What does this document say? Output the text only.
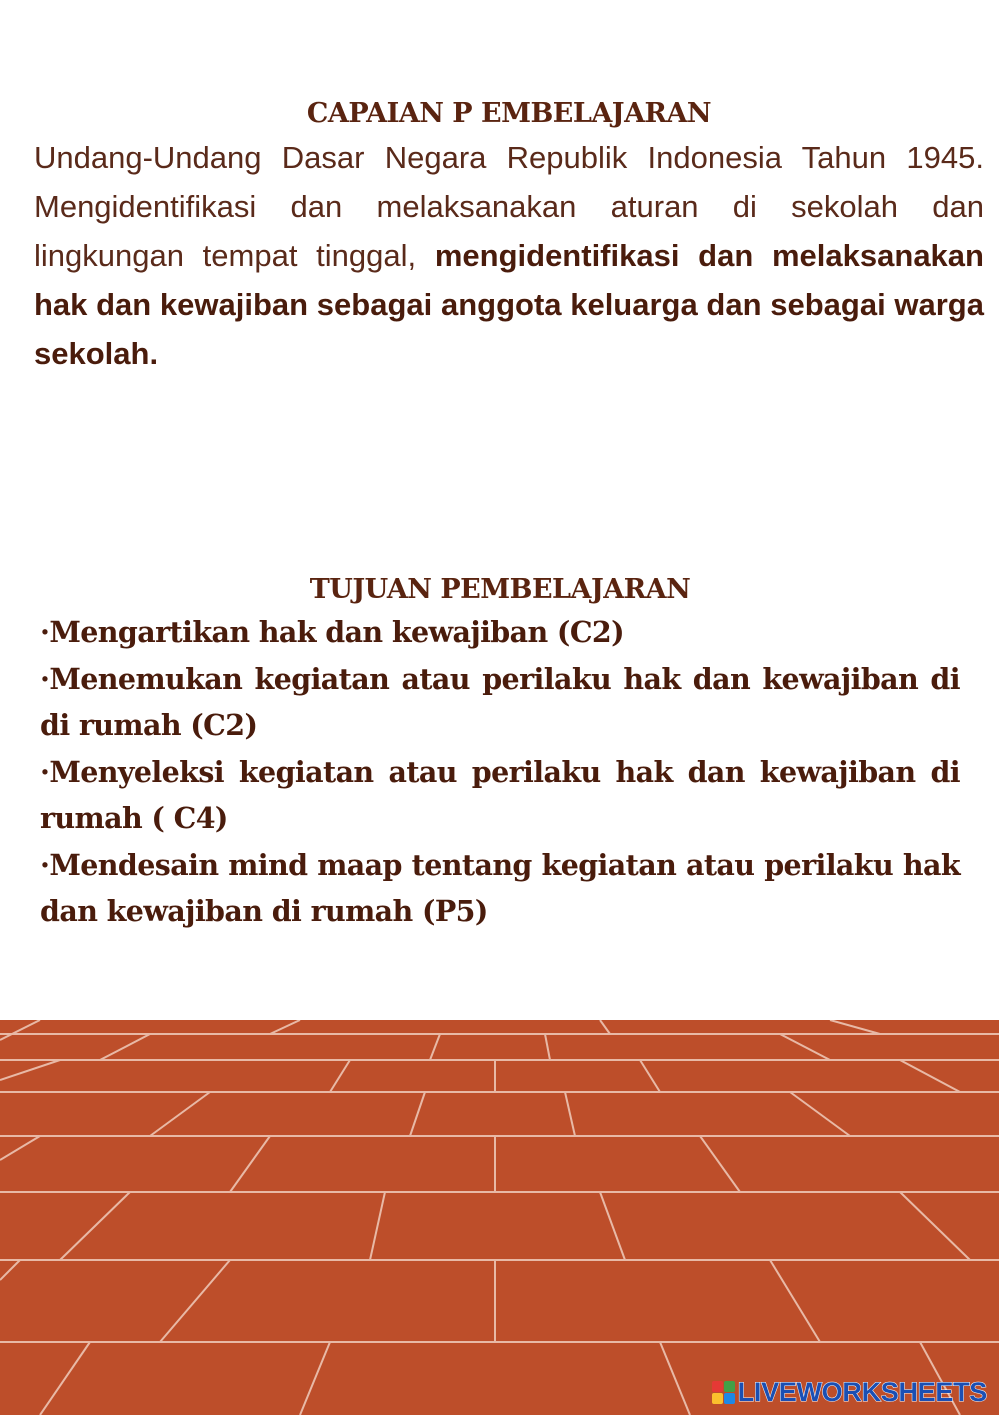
CAPAIAN P EMBELAJARAN

Undang-Undang Dasar Negara Republik Indonesia Tahun 1945. Mengidentifikasi dan melaksanakan aturan di sekolah dan lingkungan tempat tinggal, mengidentifikasi dan melaksanakan hak dan kewajiban sebagai anggota keluarga dan sebagai warga sekolah.

TUJUAN PEMBELAJARAN
·Mengartikan hak dan kewajiban (C2)
·Menemukan kegiatan atau perilaku hak dan kewajiban di di rumah (C2)
·Menyeleksi kegiatan atau perilaku hak dan kewajiban di rumah ( C4)
·Mendesain mind maap tentang kegiatan atau perilaku hak dan kewajiban di rumah (P5)
LIVEWORKSHEETS
